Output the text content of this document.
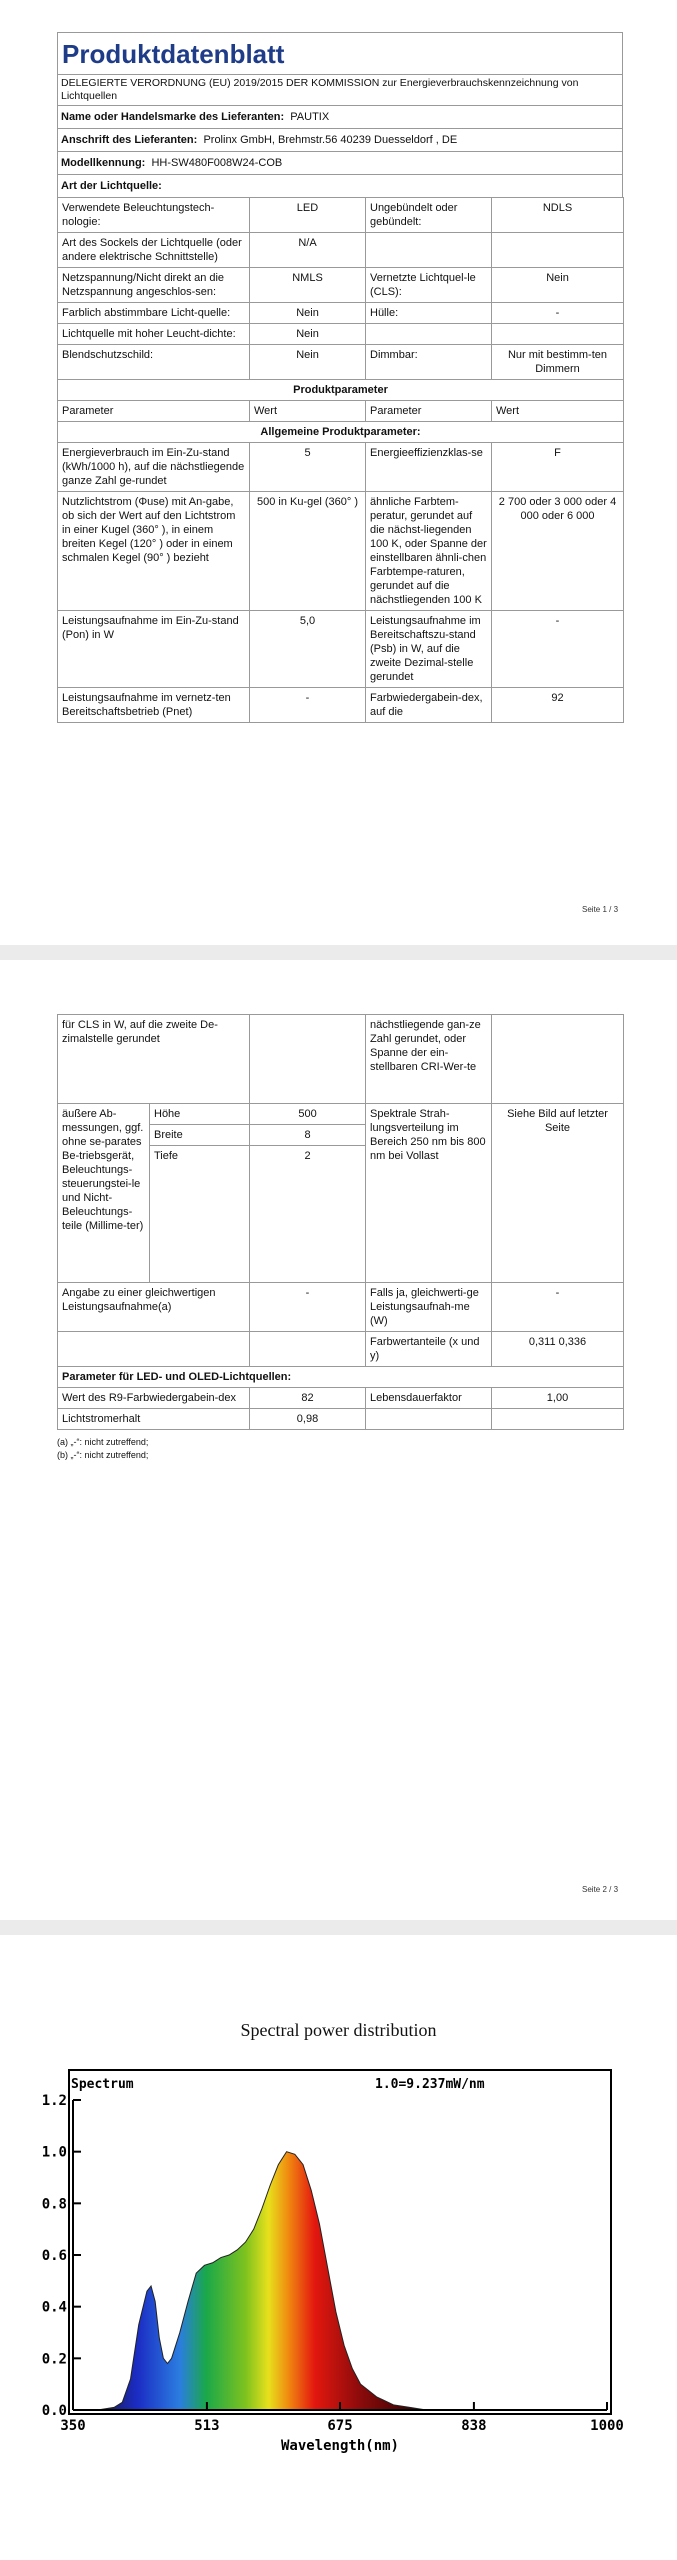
Produktdatenblatt
DELEGIERTE VERORDNUNG (EU) 2019/2015 DER KOMMISSION zur Energieverbrauchskennzeichnung von Lichtquellen
Name oder Handelsmarke des Lieferanten: PAUTIX
Anschrift des Lieferanten: Prolinx GmbH, Brehmstr.56 40239 Duesseldorf , DE
Modellkennung: HH-SW480F008W24-COB
Art der Lichtquelle:
Verwendete Beleuchtungstech-nologie:	LED	Ungebündelt oder gebündelt:	NDLS
Art des Sockels der Lichtquelle (oder andere elektrische Schnittstelle)	N/A		
Netzspannung/Nicht direkt an die Netzspannung angeschlos-sen:	NMLS	Vernetzte Lichtquel-le (CLS):	Nein
Farblich abstimmbare Licht-quelle:	Nein	Hülle:	-
Lichtquelle mit hoher Leucht-dichte:	Nein		
Blendschutzschild:	Nein	Dimmbar:	Nur mit bestimm-ten Dimmern
Produktparameter			
Parameter	Wert	Parameter	Wert
Allgemeine Produktparameter:			
Energieverbrauch im Ein-Zu-stand (kWh/1000 h), auf die nächstliegende ganze Zahl ge-rundet	5	Energieeffizienzklas-se	F
Nutzlichtstrom (Φuse) mit An-gabe, ob sich der Wert auf den Lichtstrom in einer Kugel (360° ), in einem breiten Kegel (120° ) oder in einem schmalen Kegel (90° ) bezieht	500 in Ku-gel (360° )	ähnliche Farbtem-peratur, gerundet auf die nächst-liegenden 100 K, oder Spanne der einstellbaren ähnli-chen Farbtempe-raturen, gerundet auf die nächstliegenden 100 K	2 700 oder 3 000 oder 4 000 oder 6 000
Leistungsaufnahme im Ein-Zu-stand (Pon) in W	5,0	Leistungsaufnahme im Bereitschaftszu-stand (Psb) in W, auf die zweite Dezimal-stelle gerundet	-
Leistungsaufnahme im vernetz-ten Bereitschaftsbetrieb (Pnet)	-	Farbwiedergabein-dex, auf die	92
Seite 1 / 3
für CLS in W, auf die zweite De-zimalstelle gerundet			nächstliegende gan-ze Zahl gerundet, oder Spanne der ein-stellbaren CRI-Wer-te	
äußere Ab-messungen, ggf. ohne se-parates Be-triebsgerät, Beleuchtungs-steuerungstei-le und Nicht-Beleuchtungs-teile (Millime-ter)	Höhe	500	Spektrale Strah-lungsverteilung im Bereich 250 nm bis 800 nm bei Vollast	Siehe Bild auf letzter Seite
	Breite	8		
	Tiefe	2		
Angabe zu einer gleichwertigen Leistungsaufnahme(a)		-	Falls ja, gleichwerti-ge Leistungsaufnah-me (W)	-
			Farbwertanteile (x und y)	0,311 0,336
Parameter für LED- und OLED-Lichtquellen:				
Wert des R9-Farbwiedergabein-dex		82	Lebensdauerfaktor	1,00
Lichtstromerhalt		0,98		
(a) „-“: nicht zutreffend;
(b) „-“: nicht zutreffend;
Seite 2 / 3
Spectral power distribution
0.0
0.2
0.4
0.6
0.8
1.0
1.2
350	513	675	838	1000
Spectrum	1.0=9.237mW/nm
Wavelength(nm)
